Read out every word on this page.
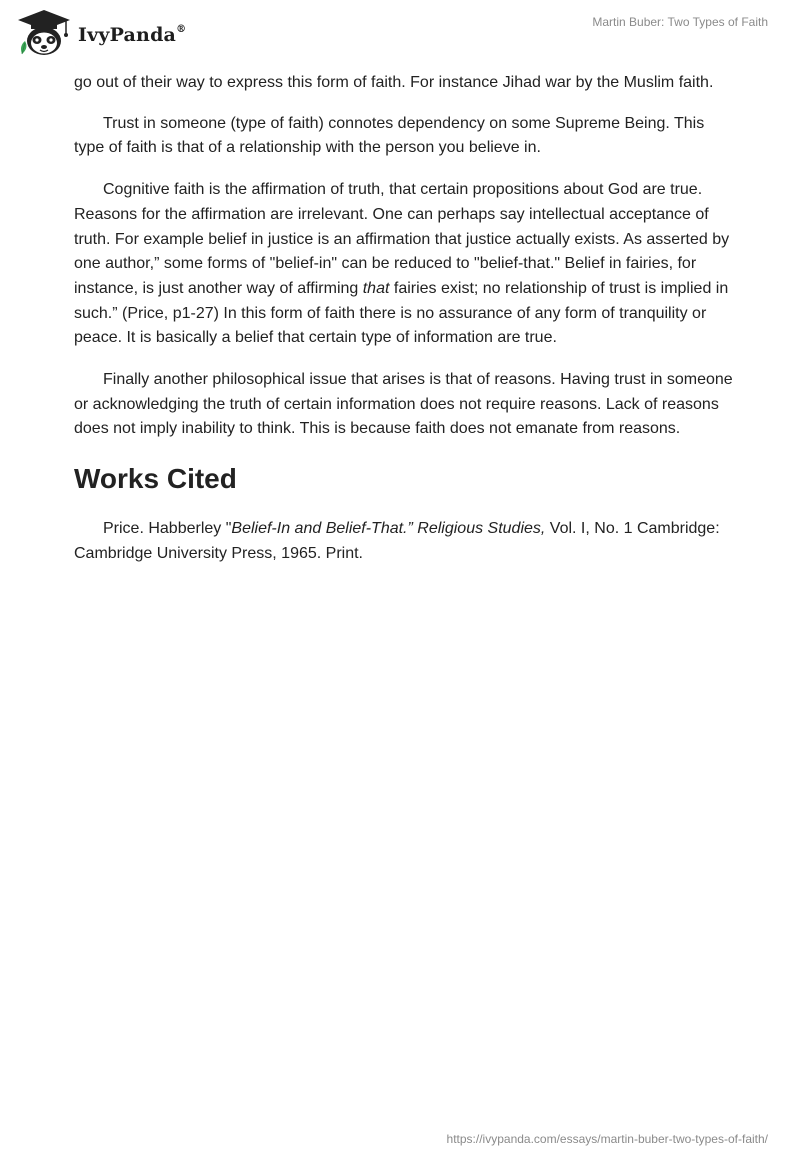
IvyPanda®
Martin Buber: Two Types of Faith

go out of their way to express this form of faith. For instance Jihad war by the Muslim faith.

Trust in someone (type of faith) connotes dependency on some Supreme Being. This type of faith is that of a relationship with the person you believe in.

Cognitive faith is the affirmation of truth, that certain propositions about God are true. Reasons for the affirmation are irrelevant. One can perhaps say intellectual acceptance of truth. For example belief in justice is an affirmation that justice actually exists. As asserted by one author,” some forms of "belief-in" can be reduced to "belief-that." Belief in fairies, for instance, is just another way of affirming that fairies exist; no relationship of trust is implied in such.” (Price, p1-27) In this form of faith there is no assurance of any form of tranquility or peace. It is basically a belief that certain type of information are true.

Finally another philosophical issue that arises is that of reasons. Having trust in someone or acknowledging the truth of certain information does not require reasons. Lack of reasons does not imply inability to think. This is because faith does not emanate from reasons.

Works Cited
Price. Habberley "Belief-In and Belief-That.” Religious Studies, Vol. I, No. 1 Cambridge: Cambridge University Press, 1965. Print.
https://ivypanda.com/essays/martin-buber-two-types-of-faith/
